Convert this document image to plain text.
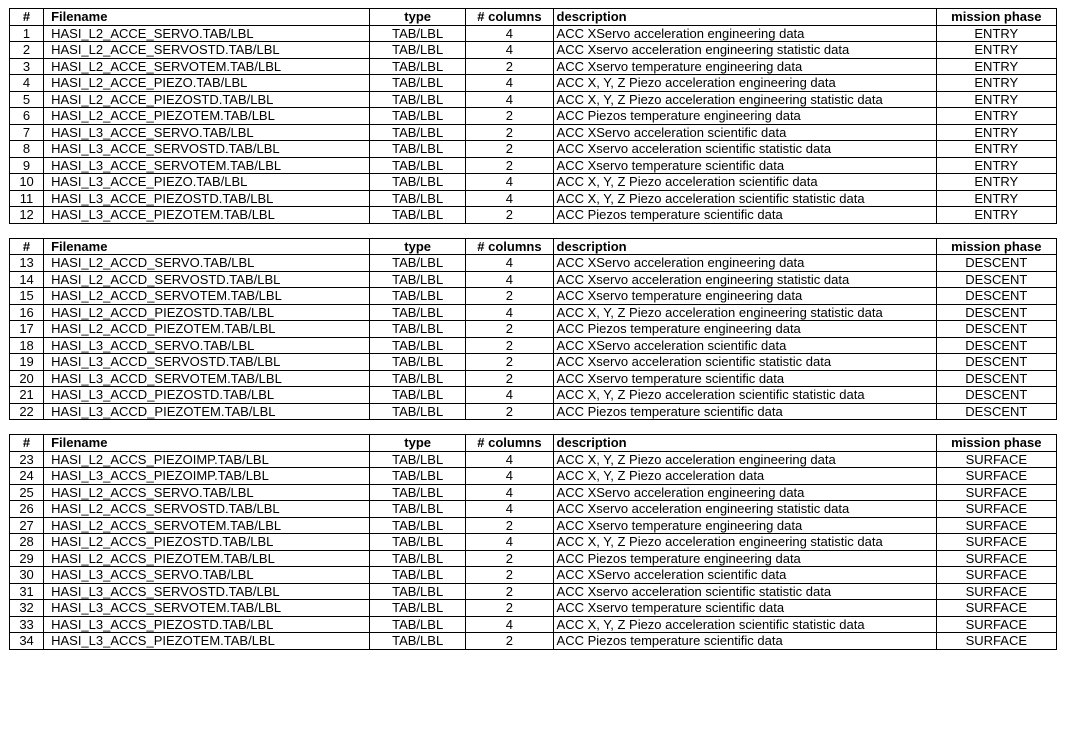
#	Filename	type	# columns	description	mission phase
1	HASI_L2_ACCE_SERVO.TAB/LBL	TAB/LBL	4	ACC XServo acceleration engineering data	ENTRY
2	HASI_L2_ACCE_SERVOSTD.TAB/LBL	TAB/LBL	4	ACC Xservo acceleration engineering statistic data	ENTRY
3	HASI_L2_ACCE_SERVOTEM.TAB/LBL	TAB/LBL	2	ACC Xservo temperature engineering data	ENTRY
4	HASI_L2_ACCE_PIEZO.TAB/LBL	TAB/LBL	4	ACC X, Y, Z Piezo acceleration engineering data	ENTRY
5	HASI_L2_ACCE_PIEZOSTD.TAB/LBL	TAB/LBL	4	ACC X, Y, Z Piezo acceleration engineering statistic data	ENTRY
6	HASI_L2_ACCE_PIEZOTEM.TAB/LBL	TAB/LBL	2	ACC Piezos temperature engineering data	ENTRY
7	HASI_L3_ACCE_SERVO.TAB/LBL	TAB/LBL	2	ACC XServo acceleration scientific data	ENTRY
8	HASI_L3_ACCE_SERVOSTD.TAB/LBL	TAB/LBL	2	ACC Xservo acceleration scientific statistic data	ENTRY
9	HASI_L3_ACCE_SERVOTEM.TAB/LBL	TAB/LBL	2	ACC Xservo temperature scientific data	ENTRY
10	HASI_L3_ACCE_PIEZO.TAB/LBL	TAB/LBL	4	ACC X, Y, Z Piezo acceleration scientific data	ENTRY
11	HASI_L3_ACCE_PIEZOSTD.TAB/LBL	TAB/LBL	4	ACC X, Y, Z Piezo acceleration scientific statistic data	ENTRY
12	HASI_L3_ACCE_PIEZOTEM.TAB/LBL	TAB/LBL	2	ACC Piezos temperature scientific data	ENTRY
#	Filename	type	# columns	description	mission phase
13	HASI_L2_ACCD_SERVO.TAB/LBL	TAB/LBL	4	ACC XServo acceleration engineering data	DESCENT
14	HASI_L2_ACCD_SERVOSTD.TAB/LBL	TAB/LBL	4	ACC Xservo acceleration engineering statistic data	DESCENT
15	HASI_L2_ACCD_SERVOTEM.TAB/LBL	TAB/LBL	2	ACC Xservo temperature engineering data	DESCENT
16	HASI_L2_ACCD_PIEZOSTD.TAB/LBL	TAB/LBL	4	ACC X, Y, Z Piezo acceleration engineering statistic data	DESCENT
17	HASI_L2_ACCD_PIEZOTEM.TAB/LBL	TAB/LBL	2	ACC Piezos temperature engineering data	DESCENT
18	HASI_L3_ACCD_SERVO.TAB/LBL	TAB/LBL	2	ACC XServo acceleration scientific data	DESCENT
19	HASI_L3_ACCD_SERVOSTD.TAB/LBL	TAB/LBL	2	ACC Xservo acceleration scientific statistic data	DESCENT
20	HASI_L3_ACCD_SERVOTEM.TAB/LBL	TAB/LBL	2	ACC Xservo temperature scientific data	DESCENT
21	HASI_L3_ACCD_PIEZOSTD.TAB/LBL	TAB/LBL	4	ACC X, Y, Z Piezo acceleration scientific statistic data	DESCENT
22	HASI_L3_ACCD_PIEZOTEM.TAB/LBL	TAB/LBL	2	ACC Piezos temperature scientific data	DESCENT
#	Filename	type	# columns	description	mission phase
23	HASI_L2_ACCS_PIEZOIMP.TAB/LBL	TAB/LBL	4	ACC X, Y, Z Piezo acceleration engineering data	SURFACE
24	HASI_L3_ACCS_PIEZOIMP.TAB/LBL	TAB/LBL	4	ACC X, Y, Z Piezo acceleration data	SURFACE
25	HASI_L2_ACCS_SERVO.TAB/LBL	TAB/LBL	4	ACC XServo acceleration engineering data	SURFACE
26	HASI_L2_ACCS_SERVOSTD.TAB/LBL	TAB/LBL	4	ACC Xservo acceleration engineering statistic data	SURFACE
27	HASI_L2_ACCS_SERVOTEM.TAB/LBL	TAB/LBL	2	ACC Xservo temperature engineering data	SURFACE
28	HASI_L2_ACCS_PIEZOSTD.TAB/LBL	TAB/LBL	4	ACC X, Y, Z Piezo acceleration engineering statistic data	SURFACE
29	HASI_L2_ACCS_PIEZOTEM.TAB/LBL	TAB/LBL	2	ACC Piezos temperature engineering data	SURFACE
30	HASI_L3_ACCS_SERVO.TAB/LBL	TAB/LBL	2	ACC XServo acceleration scientific data	SURFACE
31	HASI_L3_ACCS_SERVOSTD.TAB/LBL	TAB/LBL	2	ACC Xservo acceleration scientific statistic data	SURFACE
32	HASI_L3_ACCS_SERVOTEM.TAB/LBL	TAB/LBL	2	ACC Xservo temperature scientific data	SURFACE
33	HASI_L3_ACCS_PIEZOSTD.TAB/LBL	TAB/LBL	4	ACC X, Y, Z Piezo acceleration scientific statistic data	SURFACE
34	HASI_L3_ACCS_PIEZOTEM.TAB/LBL	TAB/LBL	2	ACC Piezos temperature scientific data	SURFACE
